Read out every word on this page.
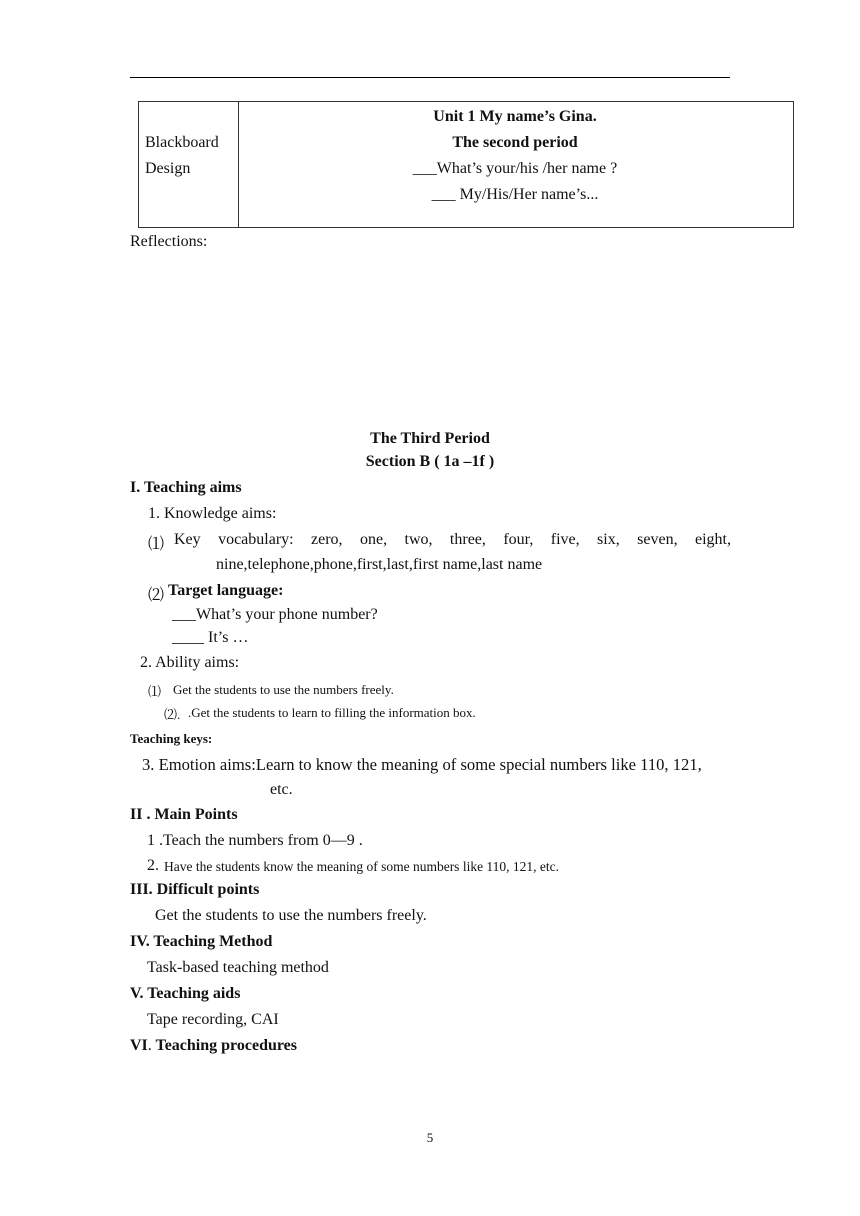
Blackboard
Design
Unit 1 My name’s Gina.
The second period
___What’s your/his /her name ?
___ My/His/Her name’s...
Reflections:
The Third Period
Section B ( 1a –1f )
I. Teaching aims
1. Knowledge aims:
⑴ Key vocabulary: zero, one, two, three, four, five, six, seven, eight,
nine,telephone,phone,first,last,first name,last name
⑵ Target language:
___What’s your phone number?
____ It’s …
2. Ability aims:
⑴ Get the students to use the numbers freely.
⑵. .Get the students to learn to filling the information box.
Teaching keys:
3. Emotion aims:Learn to know the meaning of some special numbers like 110, 121,
etc.
II . Main Points
1 .Teach the numbers from 0—9 .
2. Have the students know the meaning of some numbers like 110, 121, etc.
III. Difficult points
Get the students to use the numbers freely.
IV. Teaching Method
Task-based teaching method
V. Teaching aids
Tape recording, CAI
VI. Teaching procedures
5
